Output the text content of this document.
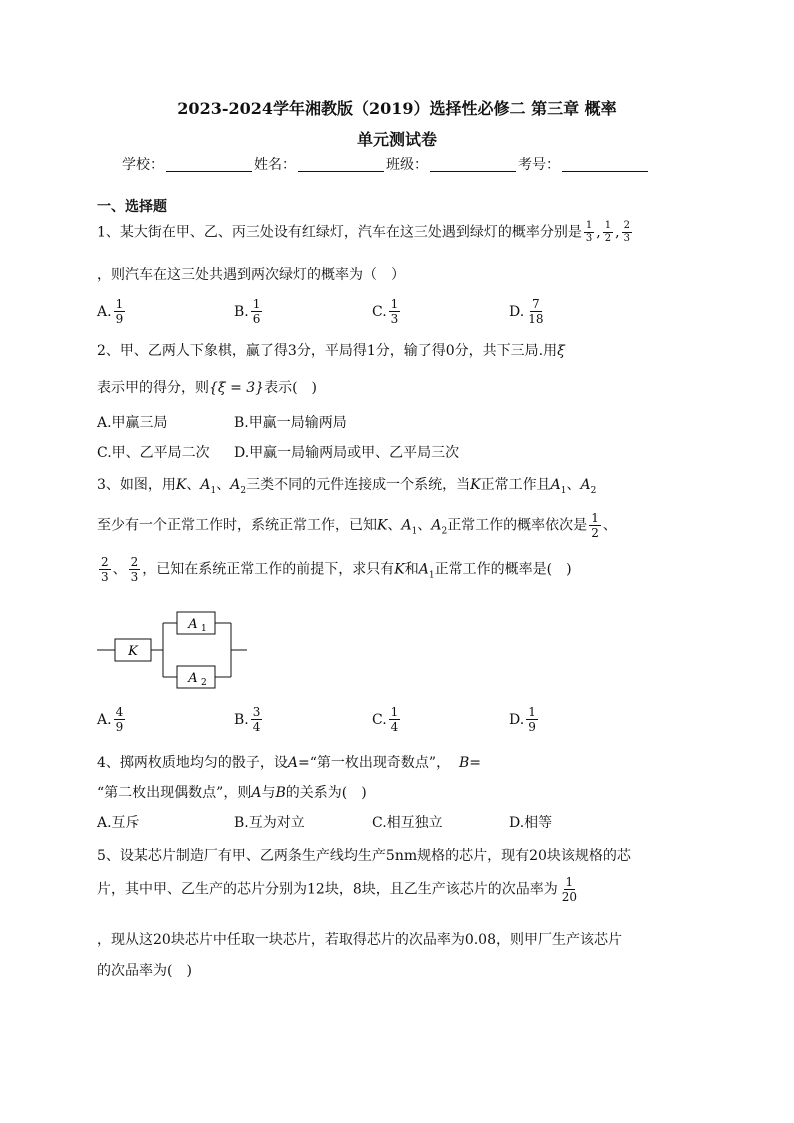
2023-2024学年湘教版（2019）选择性必修二 第三章 概率
单元测试卷
学校：	姓名：	班级：	考号：
一、选择题
1、某大街在甲、乙、丙三处设有红绿灯，汽车在这三处遇到绿灯的概率分别是 $\frac{1}{3}$ , $\frac{1}{2}$ , $\frac{2}{3}$
，则汽车在这三处共遇到两次绿灯的概率为（　）
A. $\frac{1}{9}$	B. $\frac{1}{6}$	C. $\frac{1}{3}$	D. $\frac{7}{18}$
2、甲、乙两人下象棋，赢了得3分，平局得1分，输了得0分，共下三局.用ξ
表示甲的得分，则{ξ = 3}表示(　)
A.甲赢三局	B.甲赢一局输两局
C.甲、乙平局二次 D.甲赢一局输两局或甲、乙平局三次
3、如图，用K、$A_1$、$A_2$三类不同的元件连接成一个系统，当K正常工作且$A_1$、$A_2$
至少有一个正常工作时，系统正常工作，已知K、$A_1$、$A_2$正常工作的概率依次是 $\frac{1}{2}$ 、
$\frac{2}{3}$ 、 $\frac{2}{3}$ ，已知在系统正常工作的前提下，求只有K和$A_1$正常工作的概率是(　)
K
A 1
A 2
A. $\frac{4}{9}$	B. $\frac{3}{4}$	C. $\frac{1}{4}$	D. $\frac{1}{9}$
4、掷两枚质地均匀的骰子，设A=“第一枚出现奇数点”， B=
“第二枚出现偶数点”，则A与B的关系为(　)
A.互斥	B.互为对立	C.相互独立	D.相等
5、设某芯片制造厂有甲、乙两条生产线均生产5nm规格的芯片，现有20块该规格的芯
片，其中甲、乙生产的芯片分别为12块，8块，且乙生产该芯片的次品率为 $\frac{1}{20}$
，现从这20块芯片中任取一块芯片，若取得芯片的次品率为0.08，则甲厂生产该芯片
的次品率为(　)
